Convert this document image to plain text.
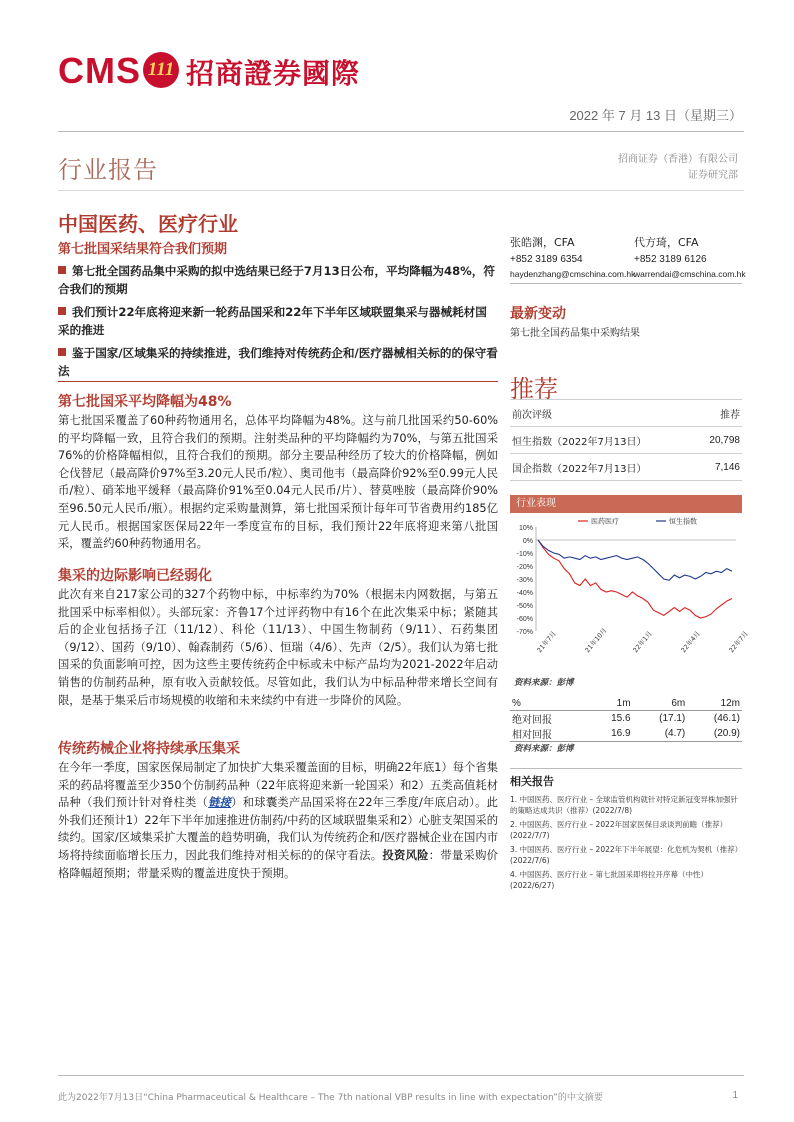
CMS 111 招商證券國際
2022 年 7 月 13 日（星期三）
行业报告	招商证券（香港）有限公司
证券研究部
中国医药、医疗行业
第七批国采结果符合我们预期
第七批全国药品集中采购的拟中选结果已经于7月13日公布，平均降幅为48%，符合我们的预期
我们预计22年底将迎来新一轮药品国采和22年下半年区域联盟集采与器械耗材国采的推进
鉴于国家/区域集采的持续推进，我们维持对传统药企和/医疗器械相关标的的保守看法
第七批国采平均降幅为48%
第七批国采覆盖了60种药物通用名，总体平均降幅为48%。这与前几批国采约50-60%的平均降幅一致，且符合我们的预期。注射类品种的平均降幅约为70%，与第五批国采76%的价格降幅相似，且符合我们的预期。部分主要品种经历了较大的价格降幅，例如仑伐替尼（最高降价97%至3.20元人民币/粒）、奥司他韦（最高降价92%至0.99元人民币/粒）、硝苯地平缓释（最高降价91%至0.04元人民币/片）、替莫唑胺（最高降价90%至96.50元人民币/瓶）。根据约定采购量测算，第七批国采预计每年可节省费用约185亿元人民币。根据国家医保局22年一季度宣布的目标，我们预计22年底将迎来第八批国采，覆盖约60种药物通用名。
集采的边际影响已经弱化
此次有来自217家公司的327个药物中标，中标率约为70%（根据未内网数据，与第五批国采中标率相似）。头部玩家：齐鲁17个过评药物中有16个在此次集采中标；紧随其后的企业包括扬子江（11/12）、科伦（11/13）、中国生物制药（9/11）、石药集团（9/12）、国药（9/10）、翰森制药（5/6）、恒瑞（4/6）、先声（2/5）。我们认为第七批国采的负面影响可控，因为这些主要传统药企中标或未中标产品均为2021-2022年启动销售的仿制药品种，原有收入贡献较低。尽管如此，我们认为中标品种带来增长空间有限，是基于集采后市场规模的收缩和未来续约中有进一步降价的风险。
传统药械企业将持续承压集采
在今年一季度，国家医保局制定了加快扩大集采覆盖面的目标，明确22年底1）每个省集采的药品将覆盖至少350个仿制药品种（22年底将迎来新一轮国采）和2）五类高值耗材品种（我们预计针对脊柱类（链接）和球囊类产品国采将在22年三季度/年底启动）。此外我们还预计1）22年下半年加速推进仿制药/中药的区域联盟集采和2）心脏支架国采的续约。国家/区域集采扩大覆盖的趋势明确，我们认为传统药企和/医疗器械企业在国内市场将持续面临增长压力，因此我们维持对相关标的的保守看法。投资风险：带量采购价格降幅超预期；带量采购的覆盖进度快于预期。
张皓渊，CFA	代方琦，CFA
+852 3189 6354	+852 3189 6126
haydenzhang@cmschina.com.hk
warrendai@cmschina.com.hk
最新变动
第七批全国药品集中采购结果
推荐
前次评级	推荐
恒生指数（2022年7月13日）	20,798
国企指数（2022年7月13日）	7,146
行业表现
10%
0%
-10%
-20%
-30%
-40%
-50%
-60%
-70% 21年7月	21年10月	22年1月	22年4月	22年7月
医药医疗	恒生指数
资料来源：彭博
%	1m	6m	12m
绝对回报	15.6	(17.1)	(46.1)
相对回报	16.9	(4.7)	(20.9)
资料来源：彭博
相关报告
1. 中国医药、医疗行业 – 全球监管机构就针对特定新冠变异株加强针的策略达成共识（推荐）(2022/7/8)
2. 中国医药、医疗行业 – 2022年国家医保目录谈判前瞻（推荐）(2022/7/7)
3. 中国医药、医疗行业 – 2022年下半年展望：化危机为契机（推荐）(2022/7/6)
4. 中国医药、医疗行业 – 第七批国采即将拉开序幕（中性）(2022/6/27)
此为2022年7月13日“China Pharmaceutical & Healthcare – The 7th national VBP results in line with expectation”的中文摘要	1
